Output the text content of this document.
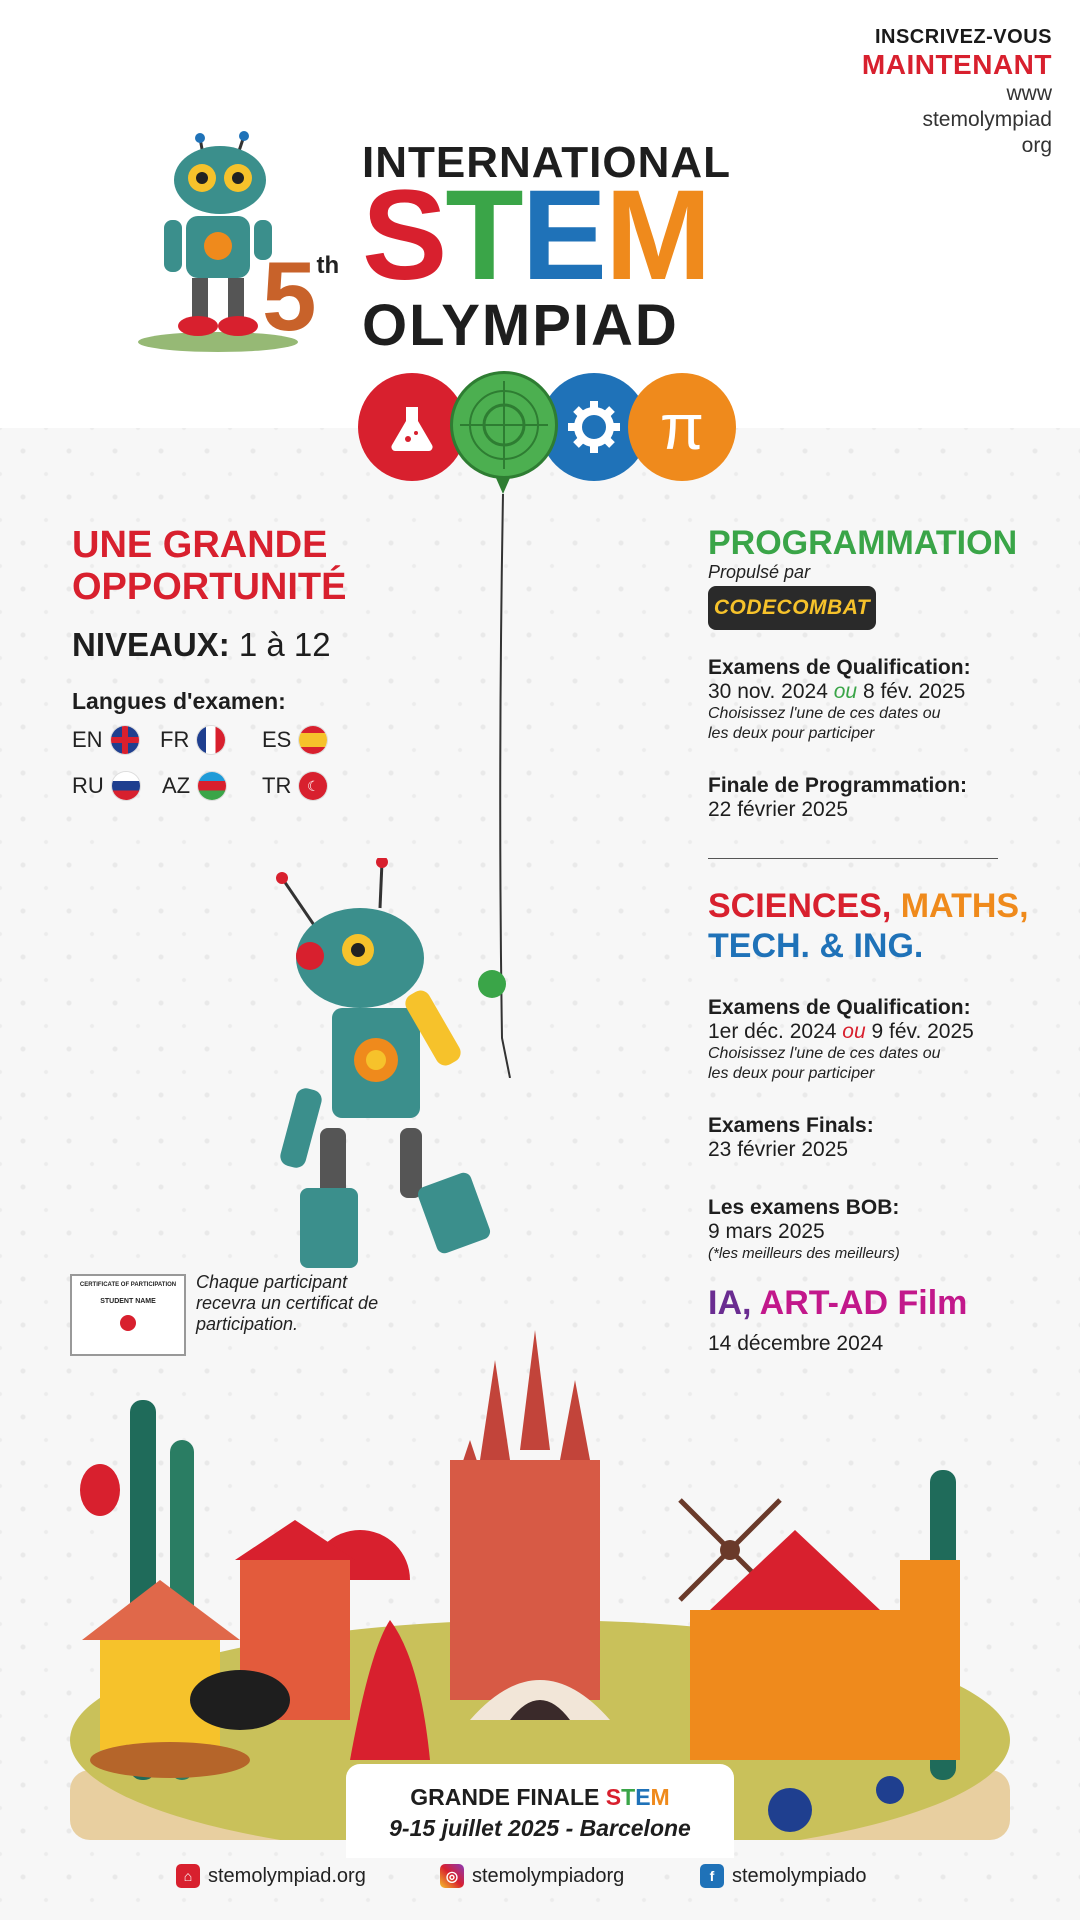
INSCRIVEZ-VOUS
MAINTENANT
www
stemolympiad
org
5th
INTERNATIONAL
STEM
OLYMPIAD
π
UNE GRANDE
OPPORTUNITÉ
NIVEAUX: 1 à 12
Langues d'examen:
EN	FR	ES
RU	AZ	TR	☾
CERTIFICATE OF PARTICIPATION
STUDENT NAME
Chaque participant recevra un certificat de participation.
PROGRAMMATION
Propulsé par
CODECOMBAT
Examens de Qualification:
30 nov. 2024 ou 8 fév. 2025
Choisissez l'une de ces dates ou
les deux pour participer
Finale de Programmation:
22 février 2025
SCIENCES, MATHS,
TECH. & ING.
Examens de Qualification:
1er déc. 2024 ou 9 fév. 2025
Choisissez l'une de ces dates ou
les deux pour participer
Examens Finals:
23 février 2025
Les examens BOB:
9 mars 2025
(*les meilleurs des meilleurs)
IA, ART-AD Film
14 décembre 2024
GRANDE FINALE STEM
9-15 juillet 2025 - Barcelone
⌂ stemolympiad.org	◎ stemolympiadorg	f stemolympiado
